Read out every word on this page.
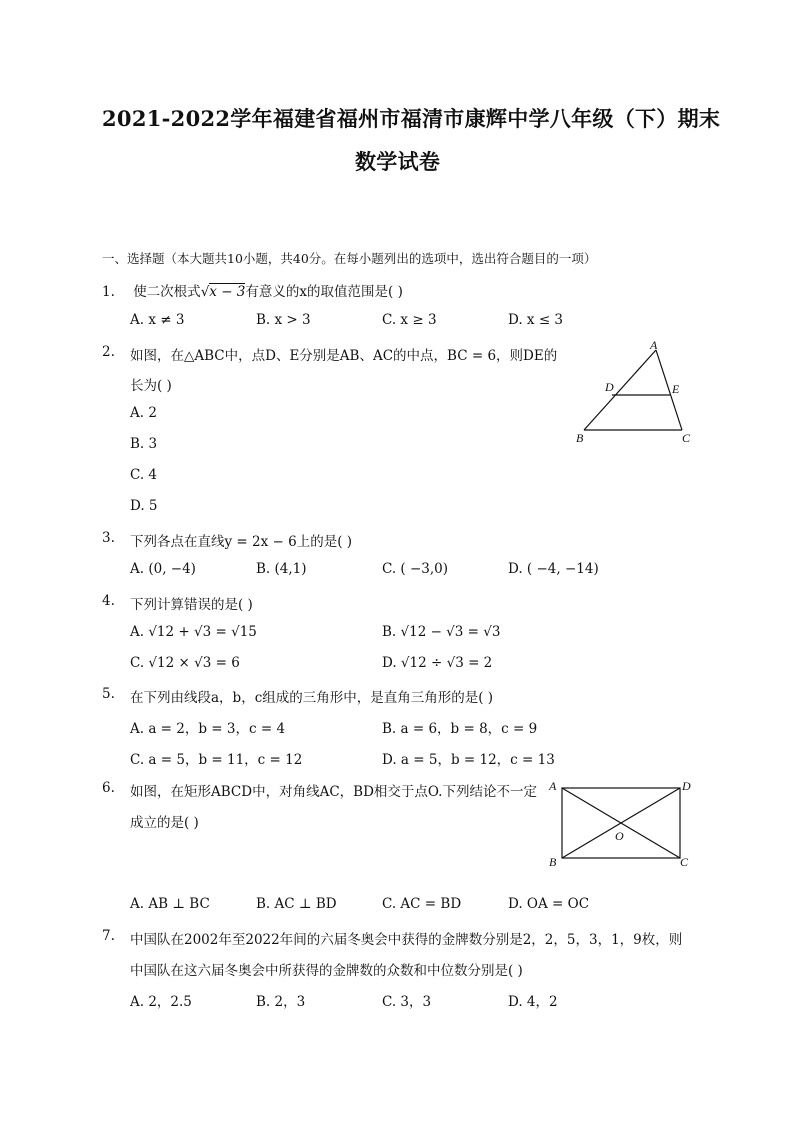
2021-2022学年福建省福州市福清市康辉中学八年级（下）期末
数学试卷
一、选择题（本大题共10小题，共40分。在每小题列出的选项中，选出符合题目的一项）
1. 使二次根式√x − 3有意义的x的取值范围是( )
A. x ≠ 3	B. x > 3	C. x ≥ 3	D. x ≤ 3
2. 如图，在△ABC中，点D、E分别是AB、AC的中点，BC = 6，则DE的
长为( )
A. 2
B. 3
C. 4
D. 5
A
D	E
B	C
3. 下列各点在直线y = 2x − 6上的是( )
A. (0, −4)	B. (4,1)	C. ( −3,0)	D. ( −4, −14)
4. 下列计算错误的是( )
A. √12 + √3 = √15	B. √12 − √3 = √3
C. √12 × √3 = 6	D. √12 ÷ √3 = 2
5. 在下列由线段a，b，c组成的三角形中，是直角三角形的是( )
A. a = 2，b = 3，c = 4	B. a = 6，b = 8，c = 9
C. a = 5，b = 11，c = 12	D. a = 5，b = 12，c = 13
6. 如图，在矩形ABCD中，对角线AC，BD相交于点O.下列结论不一定
成立的是( )
A	D
O
B	C
A. AB ⊥ BC	B. AC ⊥ BD	C. AC = BD	D. OA = OC
7. 中国队在2002年至2022年间的六届冬奥会中获得的金牌数分别是2，2，5，3，1，9枚，则
中国队在这六届冬奥会中所获得的金牌数的众数和中位数分别是( )
A. 2，2.5	B. 2，3	C. 3，3	D. 4，2
